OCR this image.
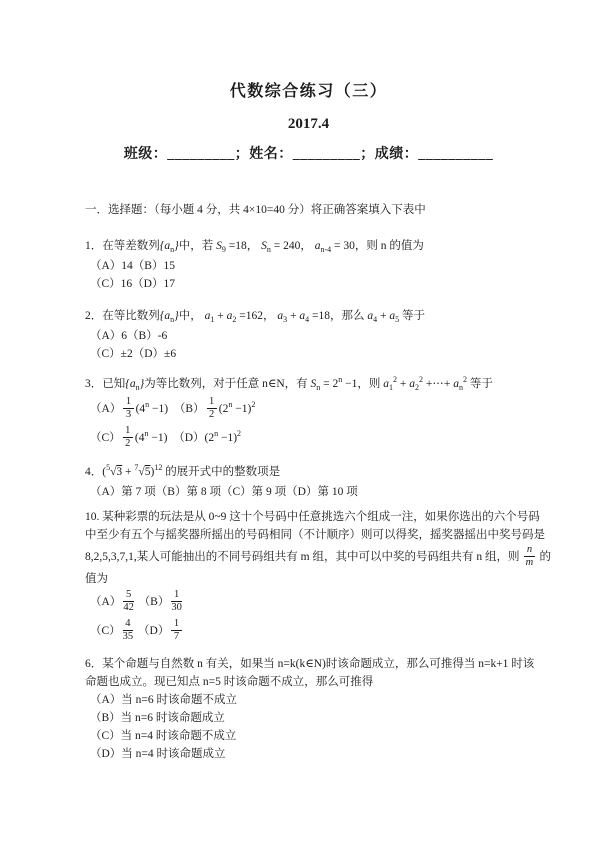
代数综合练习（三）
2017.4
班级：_________；姓名：_________；成绩：__________
一．选择题：（每小题 4 分，共 4×10=40 分）将正确答案填入下表中
1．在等差数列$\{a_n\}$中，若 $S_9 =18$， $S_n = 240$， $a_{n-4} = 30$，则 n 的值为
（A）14（B）15
（C）16（D）17
2．在等比数列$\{a_n\}$中， $a_1 + a_2 =162$， $a_3 + a_4 =18$，那么 $a_4 + a_5$ 等于
（A）6（B）-6
（C）±2（D）±6
3．已知$\{a_n\}$为等比数列，对于任意 n∈N，有 $S_n = 2^n -1$，则 $a_1^2 + a_2^2$ +⋯+ $a_n^2$ 等于
$(A) \frac{1}{3} (4^n -1)$　$(B) \frac{1}{2} (2^n -1)^2$
$(C) \frac{1}{2} (4^n -1)$　$(D)(2^n -1)^2$
4．$(^5√3 + ^7√5)^{12}$ 的展开式中的整数项是
（A）第 7 项（B）第 8 项（C）第 9 项（D）第 10 项
10. 某种彩票的玩法是从 0~9 这十个号码中任意挑选六个组成一注，如果你选出的六个号码
中至少有五个与摇奖器所摇出的号码相同（不计顺序）则可以得奖，摇奖器摇出中奖号码是
8,2,5,3,7,1,某人可能抽出的不同号码组共有 m 组，其中可以中奖的号码组共有 n 组，则 $\frac{n}{m}$ 的
值为
$(A) \frac{5}{42} (B) \frac{1}{30}$
$(C) \frac{4}{35} (D) \frac{1}{7}$
6．某个命题与自然数 n 有关，如果当 n=k(k∈N)时该命题成立，那么可推得当 n=k+1 时该
命题也成立。现已知点 n=5 时该命题不成立，那么可推得
（A）当 n=6 时该命题不成立
（B）当 n=6 时该命题成立
（C）当 n=4 时该命题不成立
（D）当 n=4 时该命题成立
